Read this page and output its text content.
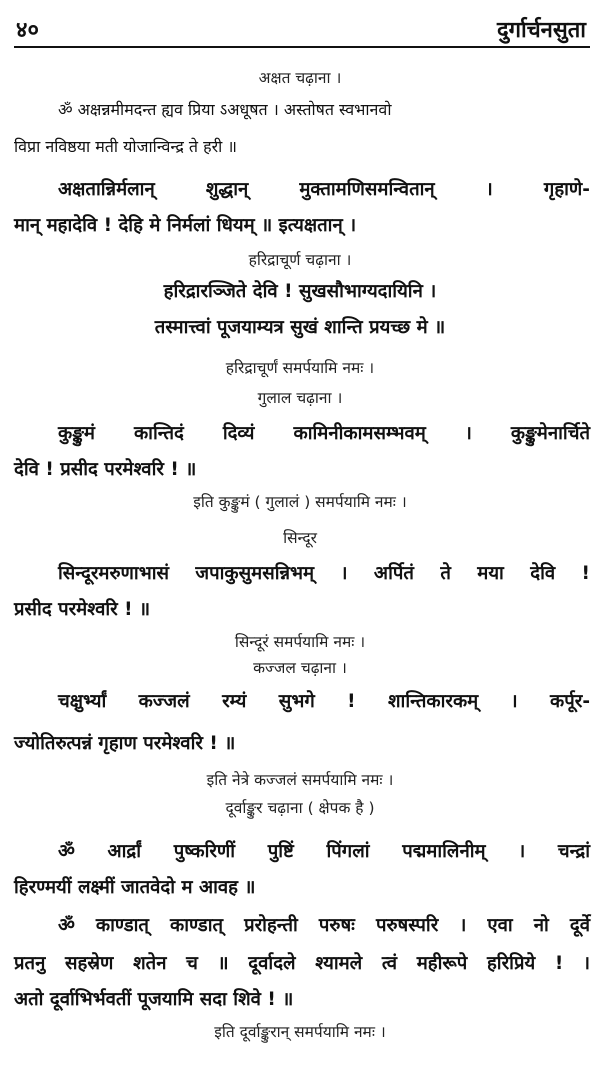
४०	दुर्गार्चनसुता
अक्षत चढ़ाना ।
ॐ अक्षन्नमीमदन्त ह्यव प्रिया ऽअधूषत । अस्तोषत स्वभानवो
विप्रा नविष्ठया मती योजान्विन्द्र ते हरी ॥
अक्षतान्निर्मलान् शुद्धान् मुक्तामणिसमन्वितान् । गृहाणे-
मान् महादेवि ! देहि मे निर्मलां धियम् ॥ इत्यक्षतान् ।
हरिद्राचूर्ण चढ़ाना ।
हरिद्रारञ्जिते देवि ! सुखसौभाग्यदायिनि ।
तस्मात्त्वां पूजयाम्यत्र सुखं शान्ति प्रयच्छ मे ॥
हरिद्राचूर्णं समर्पयामि नमः ।
गुलाल चढ़ाना ।
कुङ्कुमं कान्तिदं दिव्यं कामिनीकामसम्भवम् । कुङ्कुमेनार्चिते
देवि ! प्रसीद परमेश्वरि ! ॥
इति कुङ्कुमं ( गुलालं ) समर्पयामि नमः ।
सिन्दूर
सिन्दूरमरुणाभासं जपाकुसुमसन्निभम् । अर्पितं ते मया देवि !
प्रसीद परमेश्वरि ! ॥
सिन्दूरं समर्पयामि नमः ।
कज्जल चढ़ाना ।
चक्षुर्भ्यां कज्जलं रम्यं सुभगे ! शान्तिकारकम् । कर्पूर-
ज्योतिरुत्पन्नं गृहाण परमेश्वरि ! ॥
इति नेत्रे कज्जलं समर्पयामि नमः ।
दूर्वाङ्कुर चढ़ाना ( क्षेपक है )
ॐ आर्द्रां पुष्करिणीं पुष्टिं पिंगलां पद्ममालिनीम् । चन्द्रां
हिरण्मयीं लक्ष्मीं जातवेदो म आवह ॥
ॐ काण्डात् काण्डात् प्ररोहन्ती परुषः परुषस्परि । एवा नो दूर्वे
प्रतनु सहस्रेण शतेन च ॥ दूर्वादले श्यामले त्वं महीरूपे हरिप्रिये ! ।
अतो दूर्वाभिर्भवतीं पूजयामि सदा शिवे ! ॥
इति दूर्वाङ्कुरान् समर्पयामि नमः ।
